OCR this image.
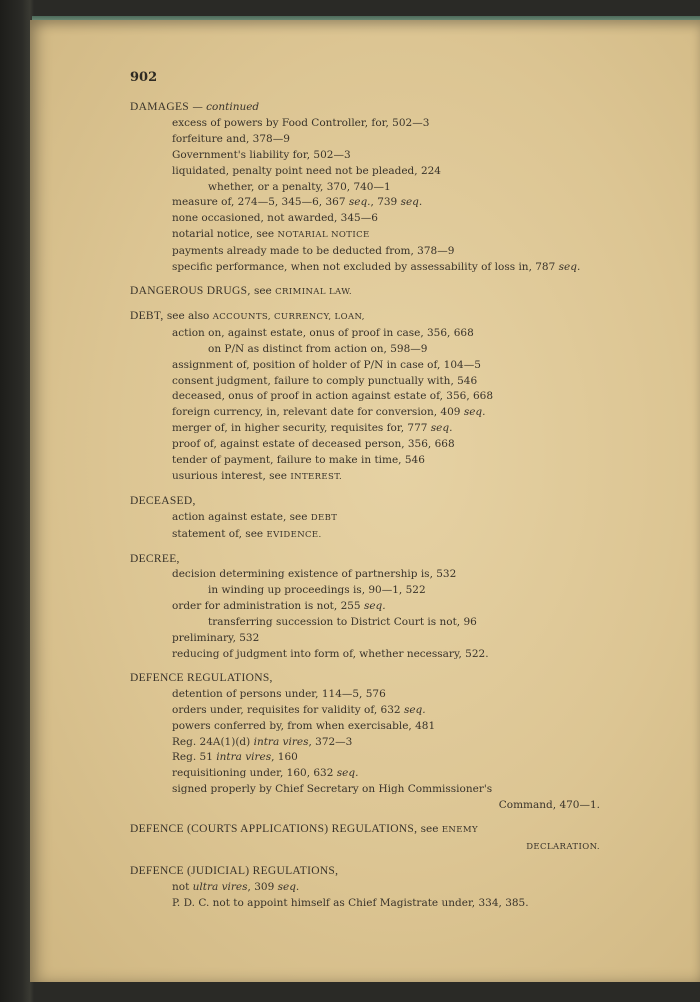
902
DAMAGES — continued
excess of powers by Food Controller, for, 502—3
forfeiture and, 378—9
Government's liability for, 502—3
liquidated, penalty point need not be pleaded, 224
whether, or a penalty, 370, 740—1
measure of, 274—5, 345—6, 367 seq., 739 seq.
none occasioned, not awarded, 345—6
notarial notice, see NOTARIAL NOTICE
payments already made to be deducted from, 378—9
specific performance, when not excluded by assessability of loss in, 787 seq.
DANGEROUS DRUGS, see CRIMINAL LAW.
DEBT, see also ACCOUNTS, CURRENCY, LOAN,
action on, against estate, onus of proof in case, 356, 668
on P/N as distinct from action on, 598—9
assignment of, position of holder of P/N in case of, 104—5
consent judgment, failure to comply punctually with, 546
deceased, onus of proof in action against estate of, 356, 668
foreign currency, in, relevant date for conversion, 409 seq.
merger of, in higher security, requisites for, 777 seq.
proof of, against estate of deceased person, 356, 668
tender of payment, failure to make in time, 546
usurious interest, see INTEREST.
DECEASED,
action against estate, see DEBT
statement of, see EVIDENCE.
DECREE,
decision determining existence of partnership is, 532
in winding up proceedings is, 90—1, 522
order for administration is not, 255 seq.
transferring succession to District Court is not, 96
preliminary, 532
reducing of judgment into form of, whether necessary, 522.
DEFENCE REGULATIONS,
detention of persons under, 114—5, 576
orders under, requisites for validity of, 632 seq.
powers conferred by, from when exercisable, 481
Reg. 24A(1)(d) intra vires, 372—3
Reg. 51 intra vires, 160
requisitioning under, 160, 632 seq.
signed properly by Chief Secretary on High Commissioner's
Command, 470—1.
DEFENCE (COURTS APPLICATIONS) REGULATIONS, see ENEMY
DECLARATION.
DEFENCE (JUDICIAL) REGULATIONS,
not ultra vires, 309 seq.
P. D. C. not to appoint himself as Chief Magistrate under, 334, 385.
